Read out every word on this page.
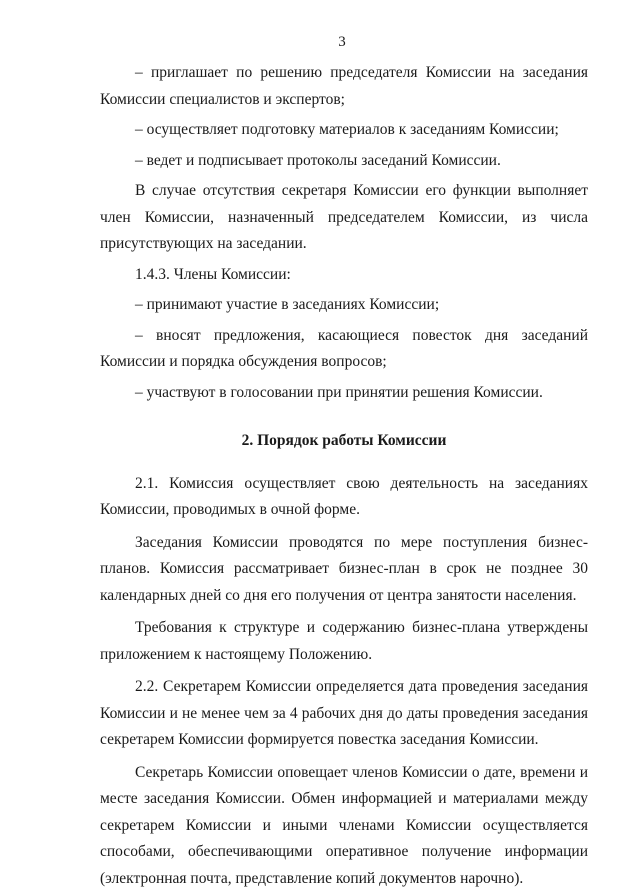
3

– приглашает по решению председателя Комиссии на заседания Комиссии специалистов и экспертов;

– осуществляет подготовку материалов к заседаниям Комиссии;

– ведет и подписывает протоколы заседаний Комиссии.

В случае отсутствия секретаря Комиссии его функции выполняет член Комиссии, назначенный председателем Комиссии, из числа присутствующих на заседании.

1.4.3. Члены Комиссии:

– принимают участие в заседаниях Комиссии;

– вносят предложения, касающиеся повесток дня заседаний Комиссии и порядка обсуждения вопросов;

– участвуют в голосовании при принятии решения Комиссии.

2. Порядок работы Комиссии

2.1. Комиссия осуществляет свою деятельность на заседаниях Комиссии, проводимых в очной форме.

Заседания Комиссии проводятся по мере поступления бизнес-планов. Комиссия рассматривает бизнес-план в срок не позднее 30 календарных дней со дня его получения от центра занятости населения.

Требования к структуре и содержанию бизнес-плана утверждены приложением к настоящему Положению.

2.2. Секретарем Комиссии определяется дата проведения заседания Комиссии и не менее чем за 4 рабочих дня до даты проведения заседания секретарем Комиссии формируется повестка заседания Комиссии.

Секретарь Комиссии оповещает членов Комиссии о дате, времени и месте заседания Комиссии. Обмен информацией и материалами между секретарем Комиссии и иными членами Комиссии осуществляется способами, обеспечивающими оперативное получение информации (электронная почта, представление копий документов нарочно).
